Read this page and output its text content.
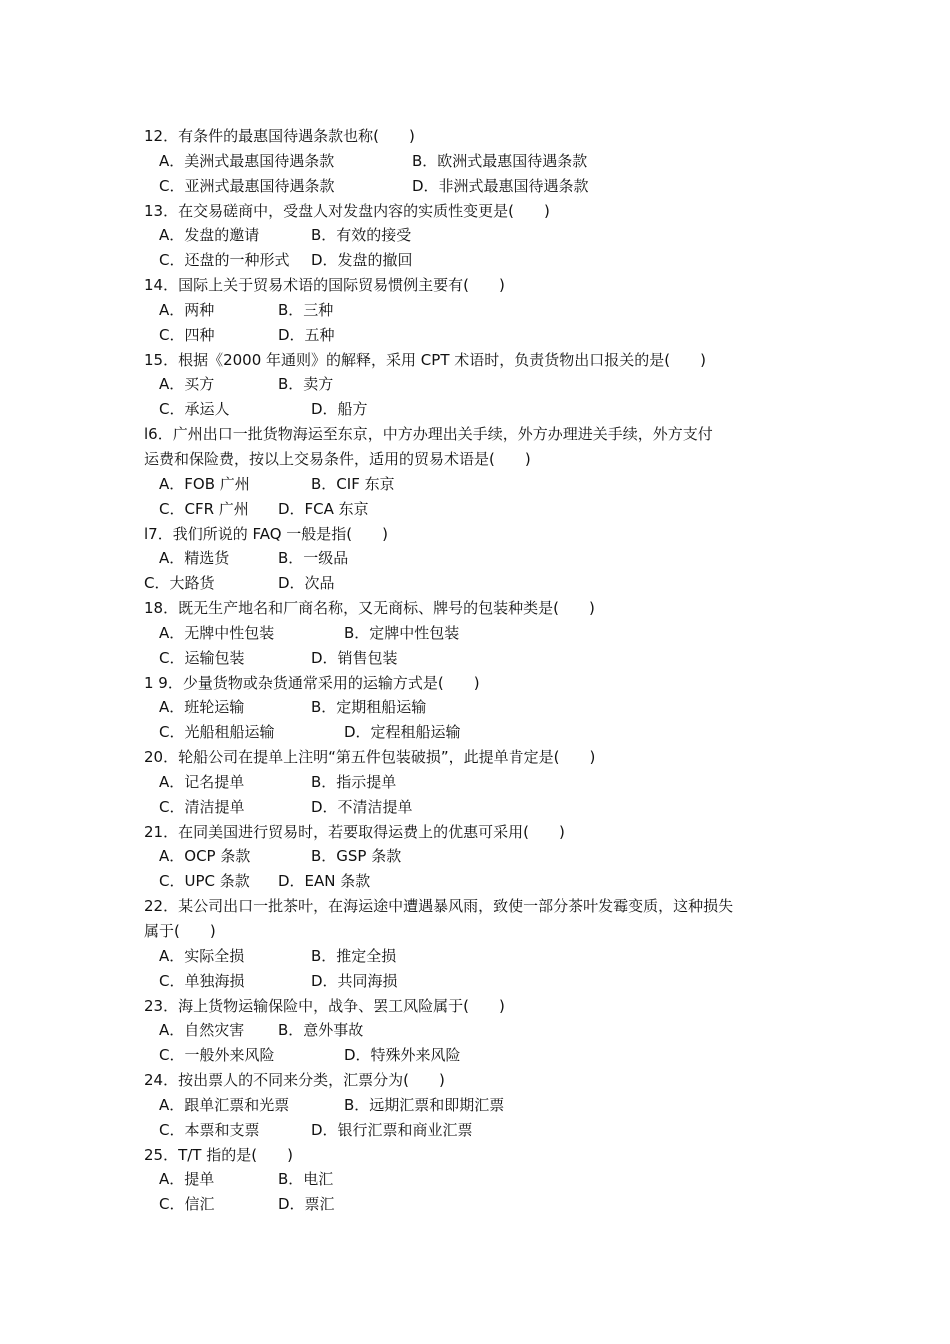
12．有条件的最惠国待遇条款也称(　　)
A．美洲式最惠国待遇条款	B．欧洲式最惠国待遇条款
C．亚洲式最惠国待遇条款	D．非洲式最惠国待遇条款
13．在交易磋商中，受盘人对发盘内容的实质性变更是(　　)
A．发盘的邀请	B．有效的接受
C．还盘的一种形式 D．发盘的撤回
14．国际上关于贸易术语的国际贸易惯例主要有(　　)
A．两种	B．三种
C．四种	D．五种
15．根据《2000 年通则》的解释，采用 CPT 术语时，负责货物出口报关的是(　　)
A．买方	B．卖方
C．承运人	D．船方
l6．广州出口一批货物海运至东京，中方办理出关手续，外方办理进关手续，外方支付
运费和保险费，按以上交易条件，适用的贸易术语是(　　)
A．FOB 广州	B．CIF 东京
C．CFR 广州 D．FCA 东京
l7．我们所说的 FAQ 一般是指(　　)
A．精选货	B．一级品
C．大路货	D．次品
18．既无生产地名和厂商名称，又无商标、牌号的包装种类是(　　)
A．无牌中性包装	B．定牌中性包装
C．运输包装	D．销售包装
1 9．少量货物或杂货通常采用的运输方式是(　　)
A．班轮运输	B．定期租船运输
C．光船租船运输	D．定程租船运输
20．轮船公司在提单上注明“第五件包装破损”，此提单肯定是(　　)
A．记名提单	B．指示提单
C．清洁提单	D．不清洁提单
21．在同美国进行贸易时，若要取得运费上的优惠可采用(　　)
A．OCP 条款	B．GSP 条款
C．UPC 条款 D．EAN 条款
22．某公司出口一批茶叶，在海运途中遭遇暴风雨，致使一部分茶叶发霉变质，这种损失
属于(　　)
A．实际全损	B．推定全损
C．单独海损	D．共同海损
23．海上货物运输保险中，战争、罢工风险属于(　　)
A．自然灾害 B．意外事故
C．一般外来风险	D．特殊外来风险
24．按出票人的不同来分类，汇票分为(　　)
A．跟单汇票和光票	B．远期汇票和即期汇票
C．本票和支票	D．银行汇票和商业汇票
25．T/T 指的是(　　)
A．提单	B．电汇
C．信汇	D．票汇
